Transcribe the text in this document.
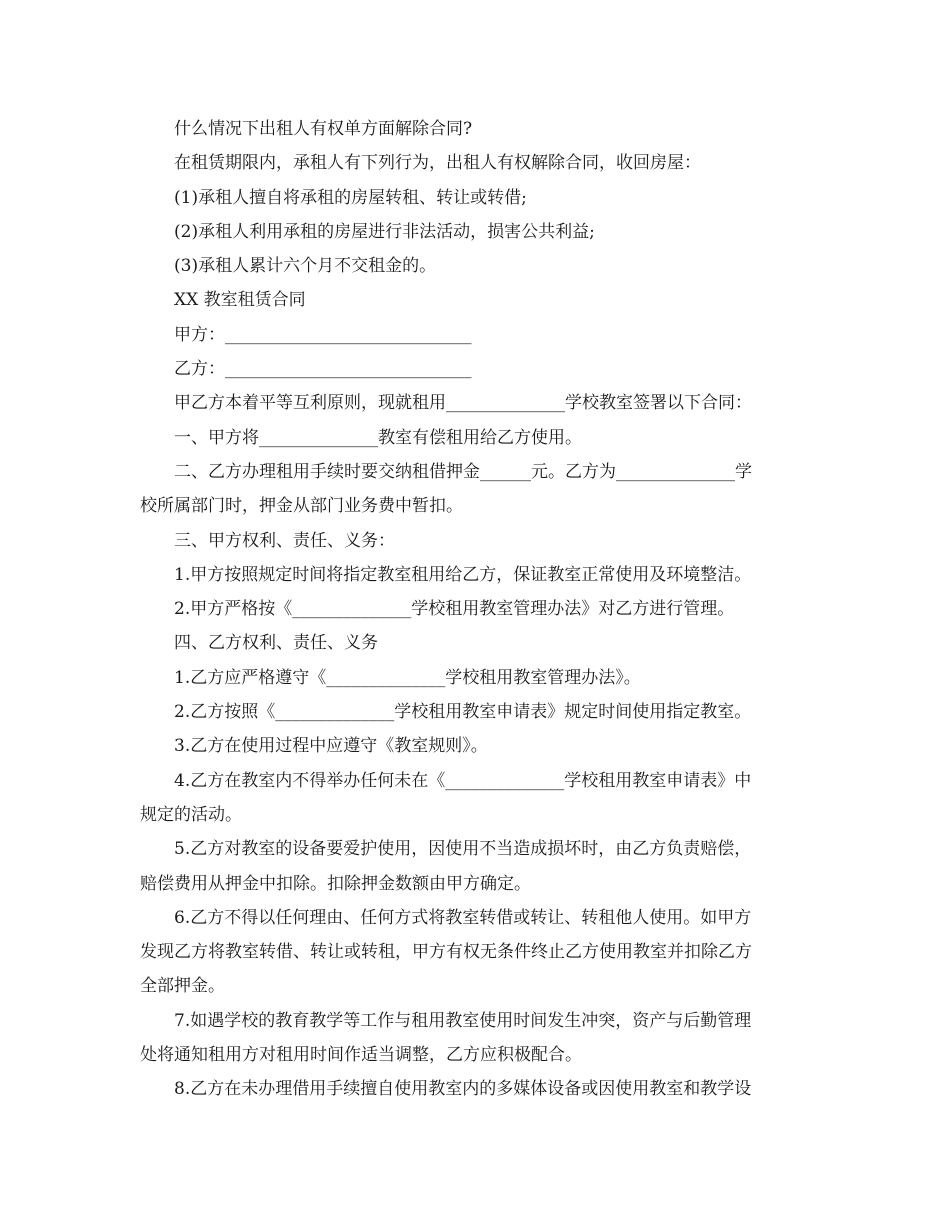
什么情况下出租人有权单方面解除合同?
在租赁期限内，承租人有下列行为，出租人有权解除合同，收回房屋：
(1)承租人擅自将承租的房屋转租、转让或转借;
(2)承租人利用承租的房屋进行非法活动，损害公共利益;
(3)承租人累计六个月不交租金的。
XX 教室租赁合同
甲方：_____________________________
乙方：_____________________________
甲乙方本着平等互利原则，现就租用______________学校教室签署以下合同：
一、甲方将______________教室有偿租用给乙方使用。
二、乙方办理租用手续时要交纳租借押金______元。乙方为______________学
校所属部门时，押金从部门业务费中暂扣。
三、甲方权利、责任、义务：
1.甲方按照规定时间将指定教室租用给乙方，保证教室正常使用及环境整洁。
2.甲方严格按《______________学校租用教室管理办法》对乙方进行管理。
四、乙方权利、责任、义务
1.乙方应严格遵守《______________学校租用教室管理办法》。
2.乙方按照《______________学校租用教室申请表》规定时间使用指定教室。
3.乙方在使用过程中应遵守《教室规则》。
4.乙方在教室内不得举办任何未在《______________学校租用教室申请表》中
规定的活动。
5.乙方对教室的设备要爱护使用，因使用不当造成损坏时，由乙方负责赔偿，
赔偿费用从押金中扣除。扣除押金数额由甲方确定。
6.乙方不得以任何理由、任何方式将教室转借或转让、转租他人使用。如甲方
发现乙方将教室转借、转让或转租，甲方有权无条件终止乙方使用教室并扣除乙方
全部押金。
7.如遇学校的教育教学等工作与租用教室使用时间发生冲突，资产与后勤管理
处将通知租用方对租用时间作适当调整，乙方应积极配合。
8.乙方在未办理借用手续擅自使用教室内的多媒体设备或因使用教室和教学设
